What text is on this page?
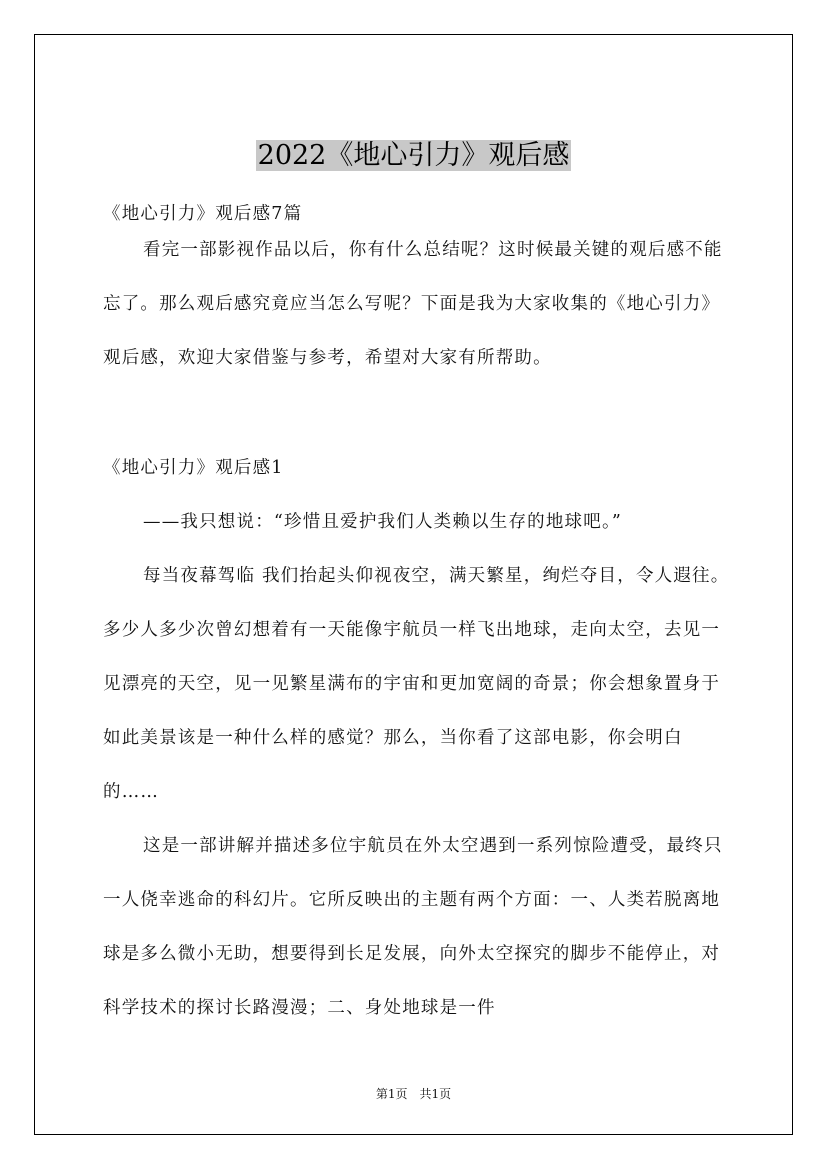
2022《地心引力》观后感
《地心引力》观后感7篇
看完一部影视作品以后，你有什么总结呢？这时候最关键的观后感不能忘了。那么观后感究竟应当怎么写呢？下面是我为大家收集的《地心引力》观后感，欢迎大家借鉴与参考，希望对大家有所帮助。
《地心引力》观后感1
——我只想说：“珍惜且爱护我们人类赖以生存的地球吧。”
每当夜幕驾临 我们抬起头仰视夜空，满天繁星，绚烂夺目，令人遐往。多少人多少次曾幻想着有一天能像宇航员一样飞出地球，走向太空，去见一见漂亮的天空，见一见繁星满布的宇宙和更加宽阔的奇景；你会想象置身于如此美景该是一种什么样的感觉？那么，当你看了这部电影，你会明白的……
这是一部讲解并描述多位宇航员在外太空遇到一系列惊险遭受，最终只一人侥幸逃命的科幻片。它所反映出的主题有两个方面：一、人类若脱离地球是多么微小无助，想要得到长足发展，向外太空探究的脚步不能停止，对科学技术的探讨长路漫漫；二、身处地球是一件
第1页　共1页
